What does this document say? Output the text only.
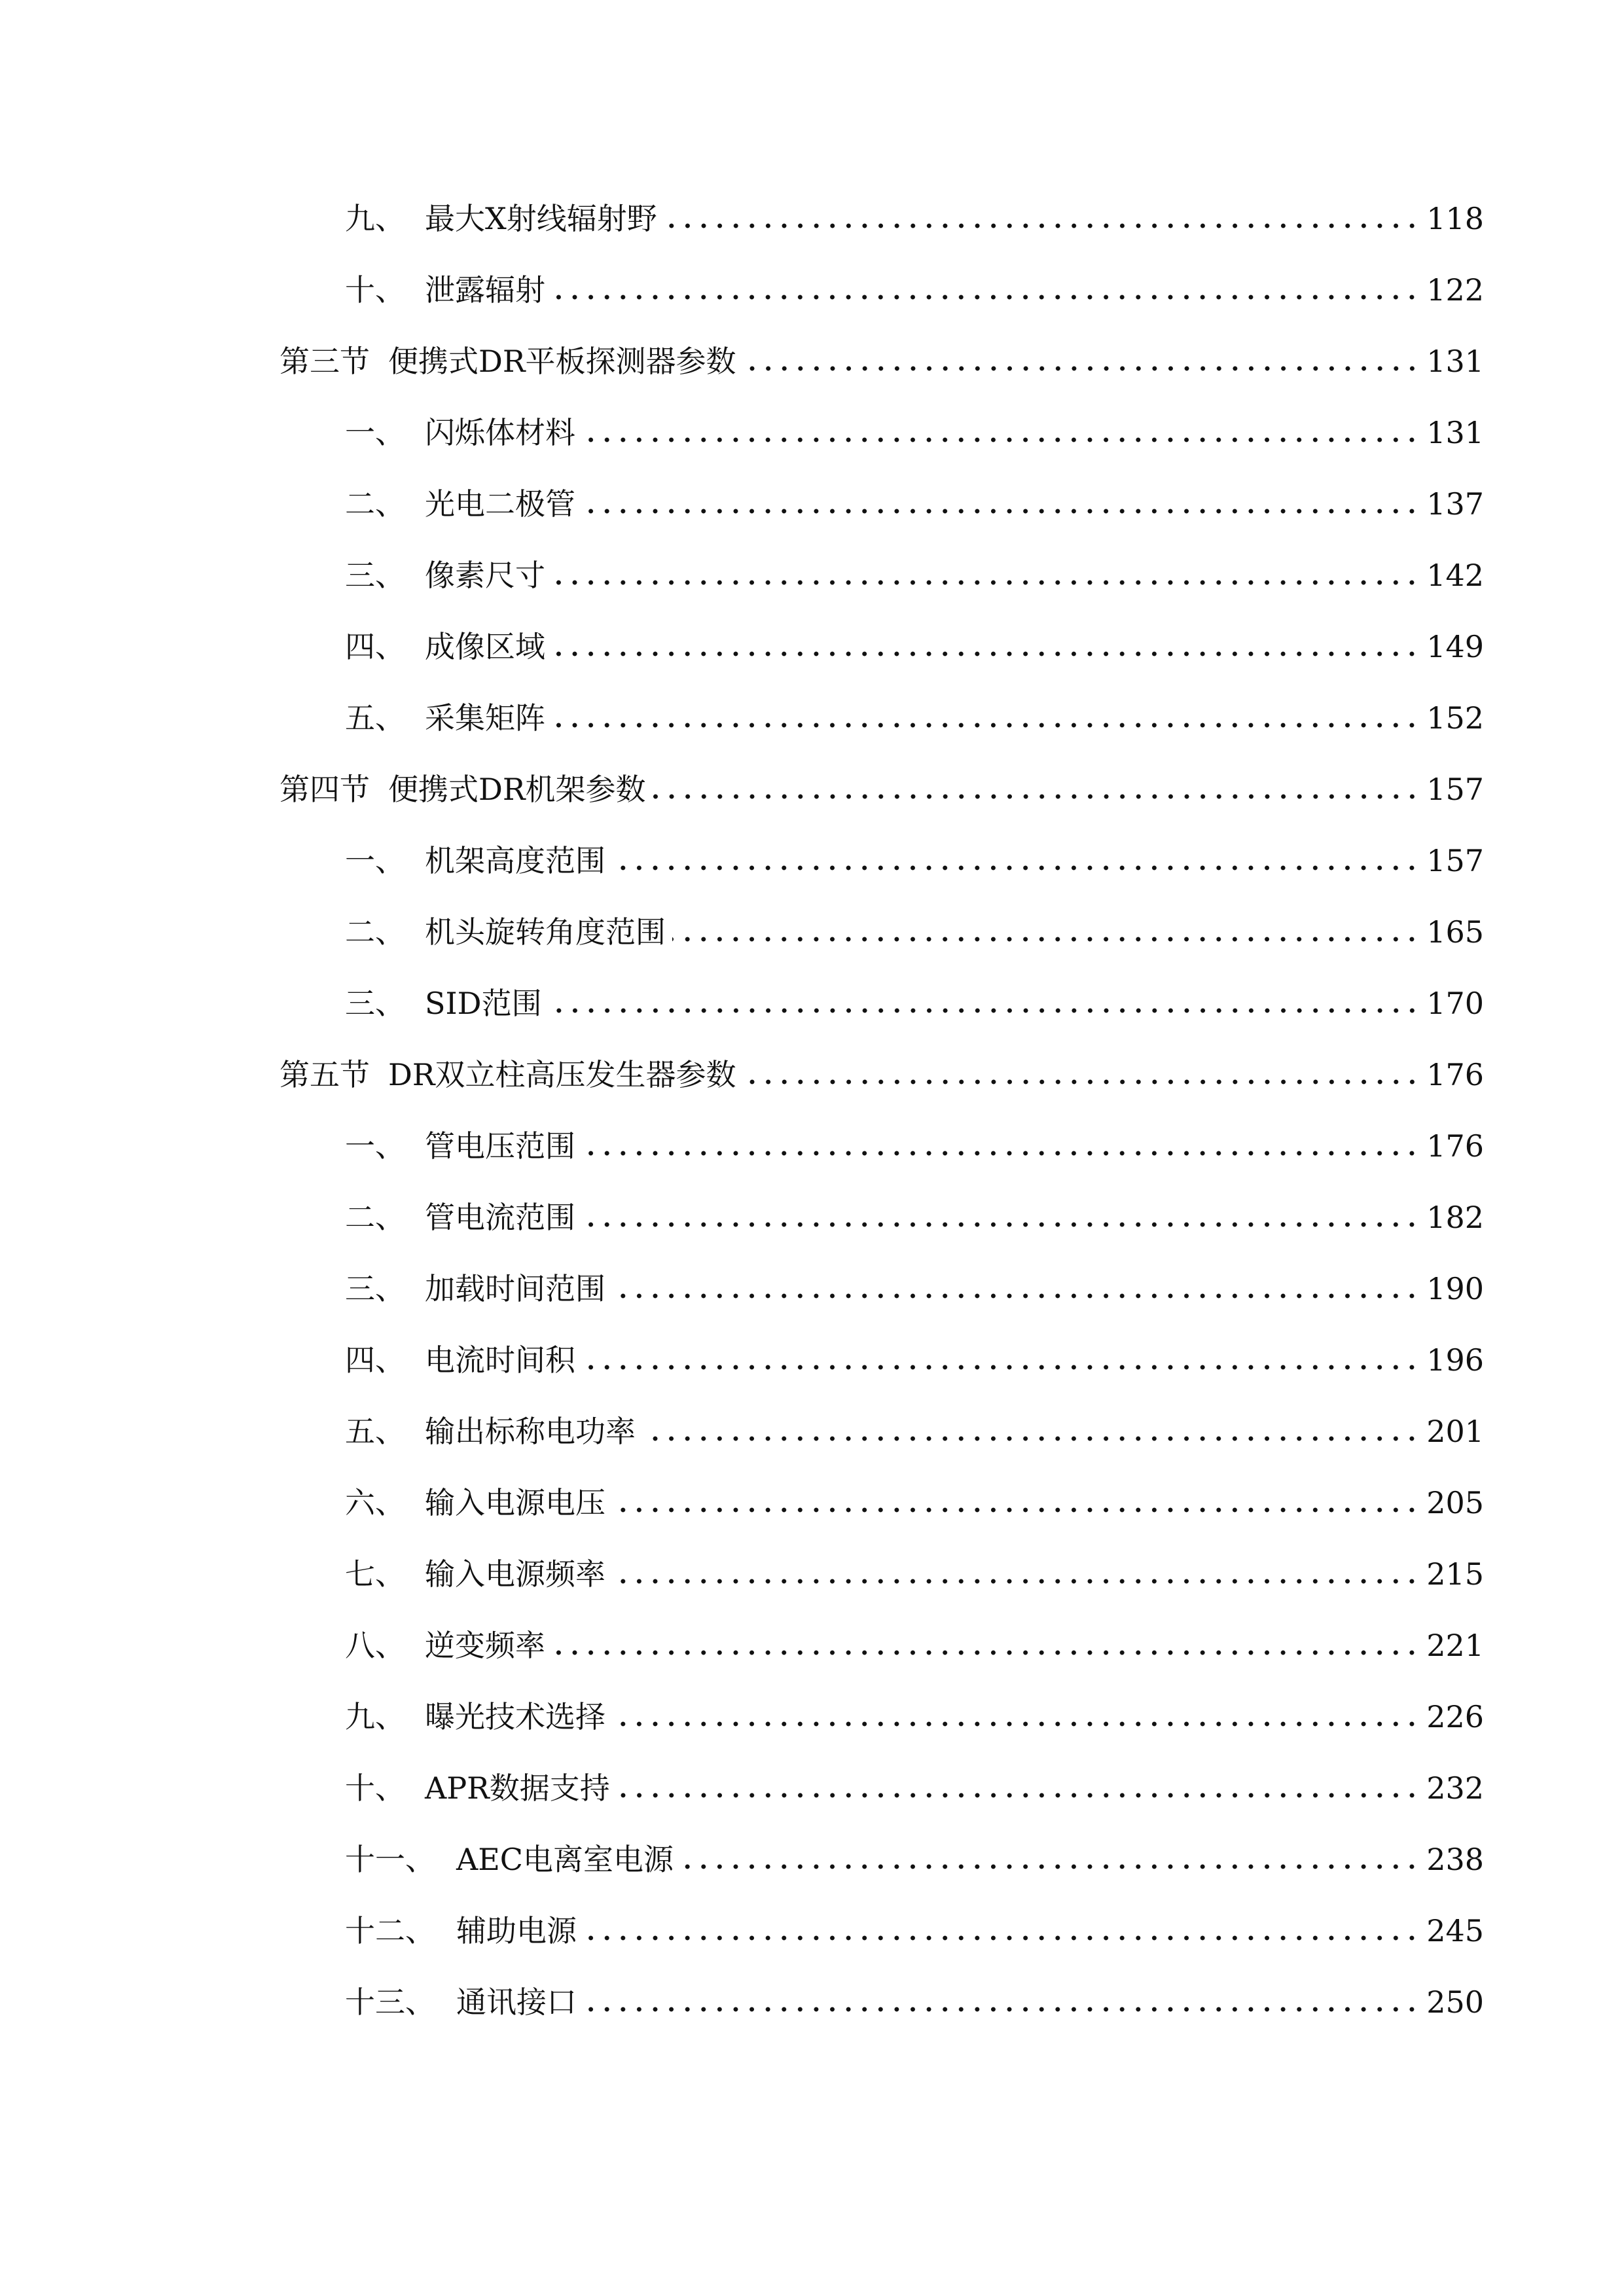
九、 最大X射线辐射野	118
十、 泄露辐射	122
第三节 便携式DR平板探测器参数	131
一、 闪烁体材料	131
二、 光电二极管	137
三、 像素尺寸	142
四、 成像区域	149
五、 采集矩阵	152
第四节 便携式DR机架参数	157
一、 机架高度范围	157
二、 机头旋转角度范围	165
三、 SID范围	170
第五节 DR双立柱高压发生器参数	176
一、 管电压范围	176
二、 管电流范围	182
三、 加载时间范围	190
四、 电流时间积	196
五、 输出标称电功率	201
六、 输入电源电压	205
七、 输入电源频率	215
八、 逆变频率	221
九、 曝光技术选择	226
十、 APR数据支持	232
十一、 AEC电离室电源	238
十二、 辅助电源	245
十三、 通讯接口	250
